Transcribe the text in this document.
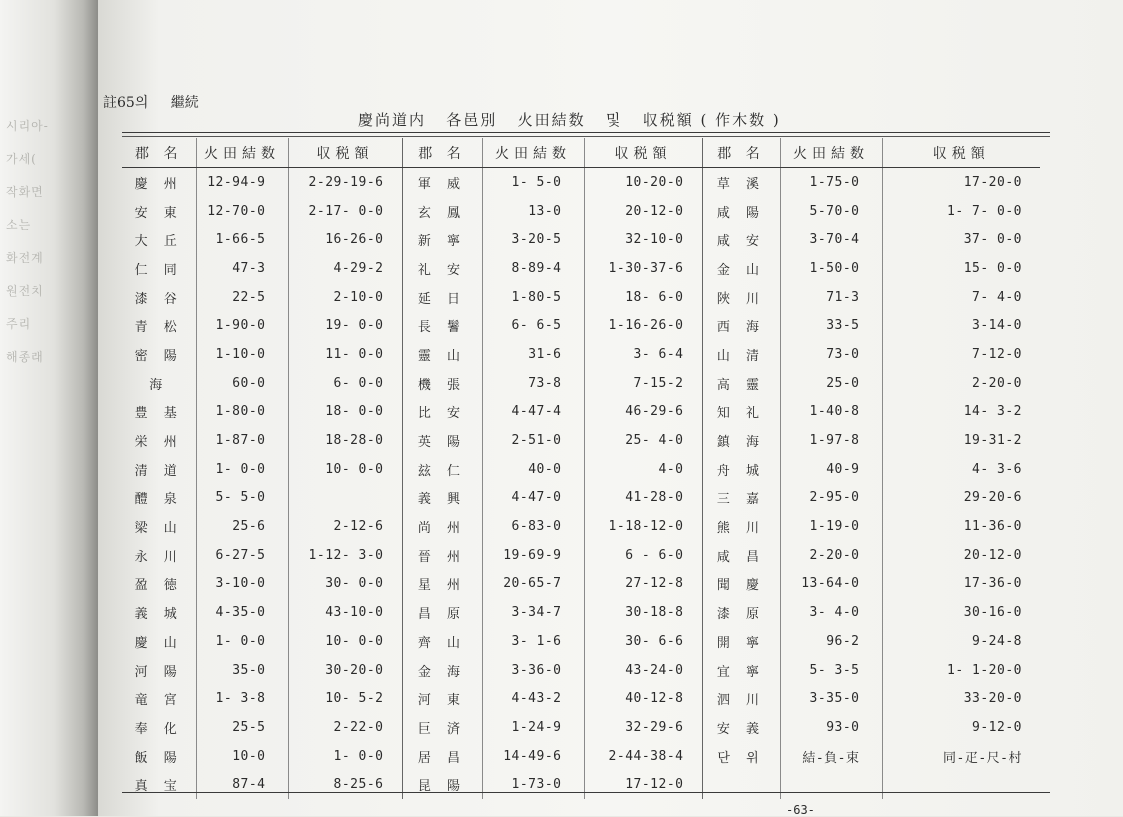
시리아-
가세(
작화면
소는
화전계
원전치
주리
해종래
註65의 繼続
慶尚道内   各邑別   火田結数   및   収税額 ( 作木数 )
郡 名	火田結数	収税額	郡 名	火田結数	収税額	郡 名	火田結数	収税額
慶 州	12-94-9	2-29-19-6	軍 威	1- 5-0	10-20-0	草 溪	1-75-0	17-20-0
安 東	12-70-0	2-17- 0-0	玄 鳳	13-0	20-12-0	咸 陽	5-70-0	1- 7- 0-0
大 丘	1-66-5	16-26-0	新 寧	3-20-5	32-10-0	咸 安	3-70-4	37- 0-0
仁 同	47-3	4-29-2	礼 安	8-89-4	1-30-37-6	金 山	1-50-0	15- 0-0
漆 谷	22-5	2-10-0	延 日	1-80-5	18- 6-0	陜 川	71-3	7- 4-0
青 松	1-90-0	19- 0-0	長 鬐	6- 6-5	1-16-26-0	西 海	33-5	3-14-0
密 陽	1-10-0	11- 0-0	靈 山	31-6	3- 6-4	山 清	73-0	7-12-0
海	60-0	6- 0-0	機 張	73-8	7-15-2	高 靈	25-0	2-20-0
豊 基	1-80-0	18- 0-0	比 安	4-47-4	46-29-6	知 礼	1-40-8	14- 3-2
栄 州	1-87-0	18-28-0	英 陽	2-51-0	25- 4-0	鎮 海	1-97-8	19-31-2
清 道	1- 0-0	10- 0-0	玆 仁	40-0	4-0	舟 城	40-9	4- 3-6
醴 泉	5- 5-0		義 興	4-47-0	41-28-0	三 嘉	2-95-0	29-20-6
梁 山	25-6	2-12-6	尚 州	6-83-0	1-18-12-0	熊 川	1-19-0	11-36-0
永 川	6-27-5	1-12- 3-0	晉 州	19-69-9	6 - 6-0	咸 昌	2-20-0	20-12-0
盈 徳	3-10-0	30- 0-0	星 州	20-65-7	27-12-8	聞 慶	13-64-0	17-36-0
義 城	4-35-0	43-10-0	昌 原	3-34-7	30-18-8	漆 原	3- 4-0	30-16-0
慶 山	1- 0-0	10- 0-0	齊 山	3- 1-6	30- 6-6	開 寧	96-2	9-24-8
河 陽	35-0	30-20-0	金 海	3-36-0	43-24-0	宜 寧	5- 3-5	1- 1-20-0
竜 宮	1- 3-8	10- 5-2	河 東	4-43-2	40-12-8	泗 川	3-35-0	33-20-0
奉 化	25-5	2-22-0	巨 済	1-24-9	32-29-6	安 義	93-0	9-12-0
飯 陽	10-0	1- 0-0	居 昌	14-49-6	2-44-38-4	단 위	結-負-束	同-疋-尺-村
真 宝	87-4	8-25-6	昆 陽	1-73-0	17-12-0			
-63-
